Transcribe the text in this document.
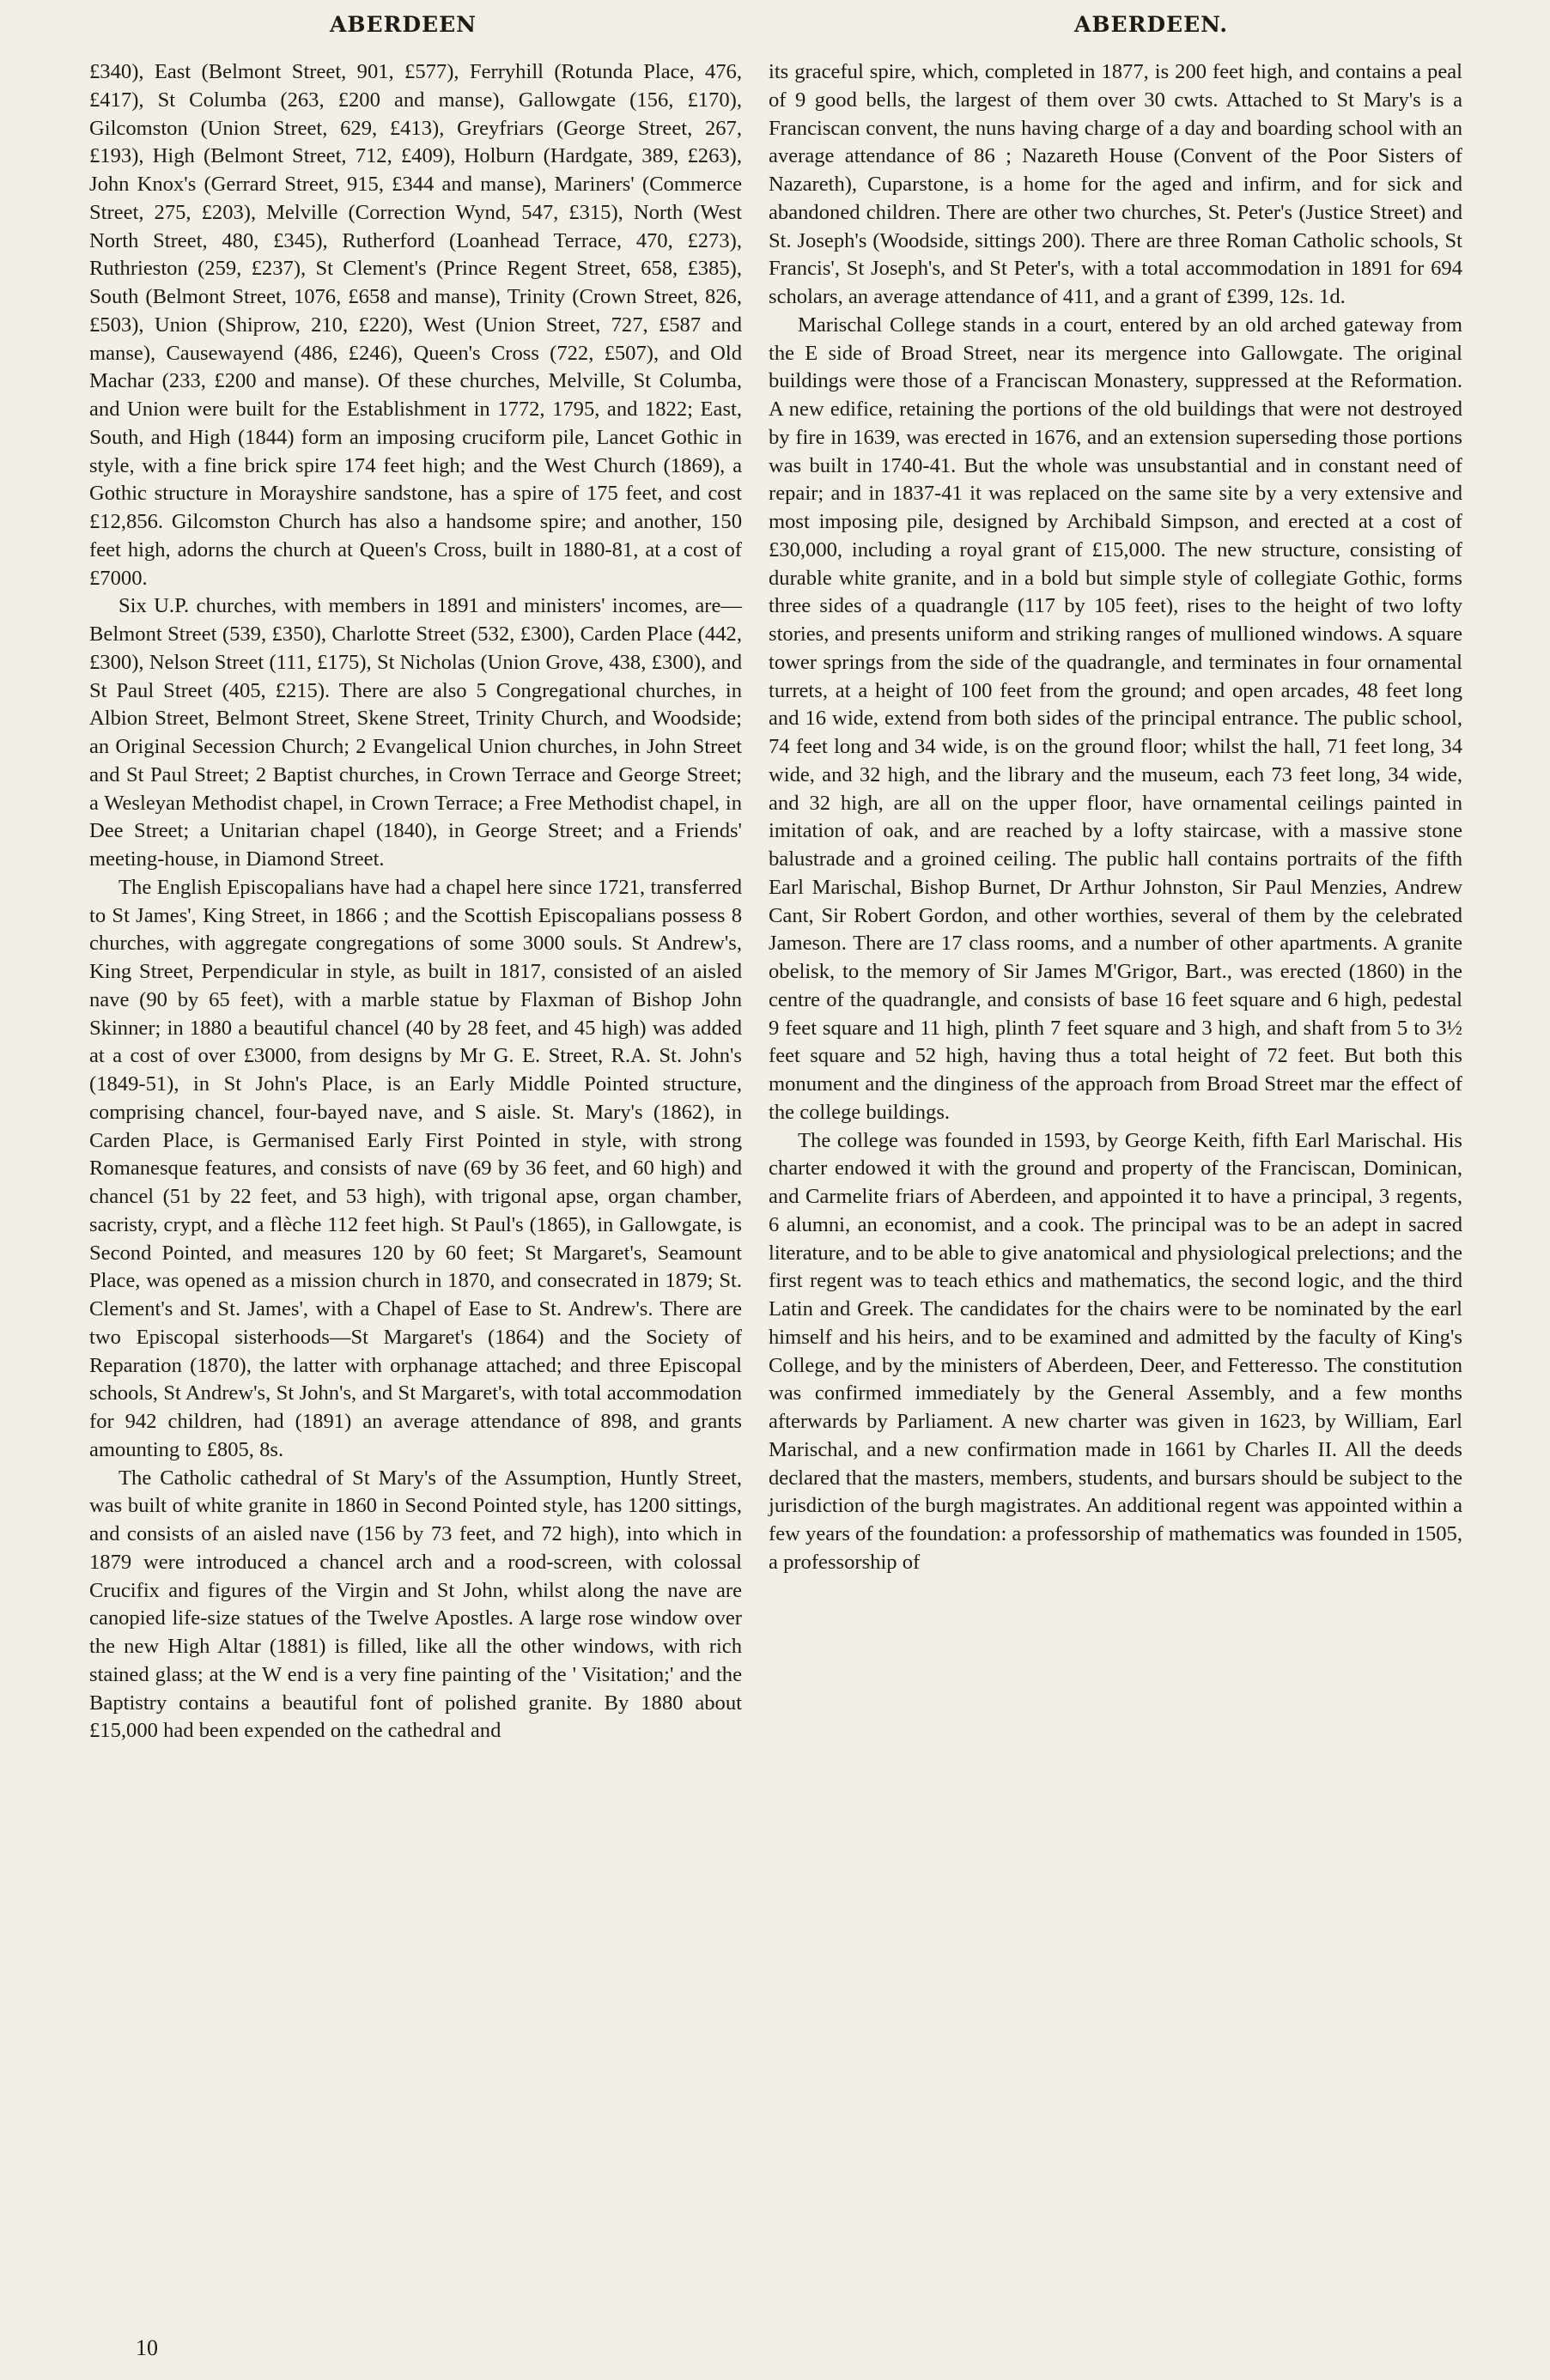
ABERDEEN	ABERDEEN.

£340), East (Belmont Street, 901, £577), Ferryhill (Rotunda Place, 476, £417), St Columba (263, £200 and manse), Gallowgate (156, £170), Gilcomston (Union Street, 629, £413), Greyfriars (George Street, 267, £193), High (Belmont Street, 712, £409), Holburn (Hardgate, 389, £263), John Knox's (Gerrard Street, 915, £344 and manse), Mariners' (Commerce Street, 275, £203), Melville (Correction Wynd, 547, £315), North (West North Street, 480, £345), Rutherford (Loanhead Terrace, 470, £273), Ruthrieston (259, £237), St Clement's (Prince Regent Street, 658, £385), South (Belmont Street, 1076, £658 and manse), Trinity (Crown Street, 826, £503), Union (Shiprow, 210, £220), West (Union Street, 727, £587 and manse), Causewayend (486, £246), Queen's Cross (722, £507), and Old Machar (233, £200 and manse). Of these churches, Melville, St Columba, and Union were built for the Establishment in 1772, 1795, and 1822; East, South, and High (1844) form an imposing cruciform pile, Lancet Gothic in style, with a fine brick spire 174 feet high; and the West Church (1869), a Gothic structure in Morayshire sandstone, has a spire of 175 feet, and cost £12,856. Gilcomston Church has also a handsome spire; and another, 150 feet high, adorns the church at Queen's Cross, built in 1880-81, at a cost of £7000.

Six U.P. churches, with members in 1891 and ministers' incomes, are—Belmont Street (539, £350), Charlotte Street (532, £300), Carden Place (442, £300), Nelson Street (111, £175), St Nicholas (Union Grove, 438, £300), and St Paul Street (405, £215). There are also 5 Congregational churches, in Albion Street, Belmont Street, Skene Street, Trinity Church, and Woodside; an Original Secession Church; 2 Evangelical Union churches, in John Street and St Paul Street; 2 Baptist churches, in Crown Terrace and George Street; a Wesleyan Methodist chapel, in Crown Terrace; a Free Methodist chapel, in Dee Street; a Unitarian chapel (1840), in George Street; and a Friends' meeting-house, in Diamond Street.

The English Episcopalians have had a chapel here since 1721, transferred to St James', King Street, in 1866 ; and the Scottish Episcopalians possess 8 churches, with aggregate congregations of some 3000 souls. St Andrew's, King Street, Perpendicular in style, as built in 1817, consisted of an aisled nave (90 by 65 feet), with a marble statue by Flaxman of Bishop John Skinner; in 1880 a beautiful chancel (40 by 28 feet, and 45 high) was added at a cost of over £3000, from designs by Mr G. E. Street, R.A. St. John's (1849-51), in St John's Place, is an Early Middle Pointed structure, comprising chancel, four-bayed nave, and S aisle. St. Mary's (1862), in Carden Place, is Germanised Early First Pointed in style, with strong Romanesque features, and consists of nave (69 by 36 feet, and 60 high) and chancel (51 by 22 feet, and 53 high), with trigonal apse, organ chamber, sacristy, crypt, and a flèche 112 feet high. St Paul's (1865), in Gallowgate, is Second Pointed, and measures 120 by 60 feet; St Margaret's, Seamount Place, was opened as a mission church in 1870, and consecrated in 1879; St. Clement's and St. James', with a Chapel of Ease to St. Andrew's. There are two Episcopal sisterhoods—St Margaret's (1864) and the Society of Reparation (1870), the latter with orphanage attached; and three Episcopal schools, St Andrew's, St John's, and St Margaret's, with total accommodation for 942 children, had (1891) an average attendance of 898, and grants amounting to £805, 8s.

The Catholic cathedral of St Mary's of the Assumption, Huntly Street, was built of white granite in 1860 in Second Pointed style, has 1200 sittings, and consists of an aisled nave (156 by 73 feet, and 72 high), into which in 1879 were introduced a chancel arch and a rood-screen, with colossal Crucifix and figures of the Virgin and St John, whilst along the nave are canopied life-size statues of the Twelve Apostles. A large rose window over the new High Altar (1881) is filled, like all the other windows, with rich stained glass; at the W end is a very fine painting of the ' Visitation;' and the Baptistry contains a beautiful font of polished granite. By 1880 about £15,000 had been expended on the cathedral and

its graceful spire, which, completed in 1877, is 200 feet high, and contains a peal of 9 good bells, the largest of them over 30 cwts. Attached to St Mary's is a Franciscan convent, the nuns having charge of a day and boarding school with an average attendance of 86 ; Nazareth House (Convent of the Poor Sisters of Nazareth), Cuparstone, is a home for the aged and infirm, and for sick and abandoned children. There are other two churches, St. Peter's (Justice Street) and St. Joseph's (Woodside, sittings 200). There are three Roman Catholic schools, St Francis', St Joseph's, and St Peter's, with a total accommodation in 1891 for 694 scholars, an average attendance of 411, and a grant of £399, 12s. 1d.

Marischal College stands in a court, entered by an old arched gateway from the E side of Broad Street, near its mergence into Gallowgate. The original buildings were those of a Franciscan Monastery, suppressed at the Reformation. A new edifice, retaining the portions of the old buildings that were not destroyed by fire in 1639, was erected in 1676, and an extension superseding those portions was built in 1740-41. But the whole was unsubstantial and in constant need of repair; and in 1837-41 it was replaced on the same site by a very extensive and most imposing pile, designed by Archibald Simpson, and erected at a cost of £30,000, including a royal grant of £15,000. The new structure, consisting of durable white granite, and in a bold but simple style of collegiate Gothic, forms three sides of a quadrangle (117 by 105 feet), rises to the height of two lofty stories, and presents uniform and striking ranges of mullioned windows. A square tower springs from the side of the quadrangle, and terminates in four ornamental turrets, at a height of 100 feet from the ground; and open arcades, 48 feet long and 16 wide, extend from both sides of the principal entrance. The public school, 74 feet long and 34 wide, is on the ground floor; whilst the hall, 71 feet long, 34 wide, and 32 high, and the library and the museum, each 73 feet long, 34 wide, and 32 high, are all on the upper floor, have ornamental ceilings painted in imitation of oak, and are reached by a lofty staircase, with a massive stone balustrade and a groined ceiling. The public hall contains portraits of the fifth Earl Marischal, Bishop Burnet, Dr Arthur Johnston, Sir Paul Menzies, Andrew Cant, Sir Robert Gordon, and other worthies, several of them by the celebrated Jameson. There are 17 class rooms, and a number of other apartments. A granite obelisk, to the memory of Sir James M'Grigor, Bart., was erected (1860) in the centre of the quadrangle, and consists of base 16 feet square and 6 high, pedestal 9 feet square and 11 high, plinth 7 feet square and 3 high, and shaft from 5 to 3½ feet square and 52 high, having thus a total height of 72 feet. But both this monument and the dinginess of the approach from Broad Street mar the effect of the college buildings.

The college was founded in 1593, by George Keith, fifth Earl Marischal. His charter endowed it with the ground and property of the Franciscan, Dominican, and Carmelite friars of Aberdeen, and appointed it to have a principal, 3 regents, 6 alumni, an economist, and a cook. The principal was to be an adept in sacred literature, and to be able to give anatomical and physiological prelections; and the first regent was to teach ethics and mathematics, the second logic, and the third Latin and Greek. The candidates for the chairs were to be nominated by the earl himself and his heirs, and to be examined and admitted by the faculty of King's College, and by the ministers of Aberdeen, Deer, and Fetteresso. The constitution was confirmed immediately by the General Assembly, and a few months afterwards by Parliament. A new charter was given in 1623, by William, Earl Marischal, and a new confirmation made in 1661 by Charles II. All the deeds declared that the masters, members, students, and bursars should be subject to the jurisdiction of the burgh magistrates. An additional regent was appointed within a few years of the foundation: a professorship of mathematics was founded in 1505, a professorship of

10
